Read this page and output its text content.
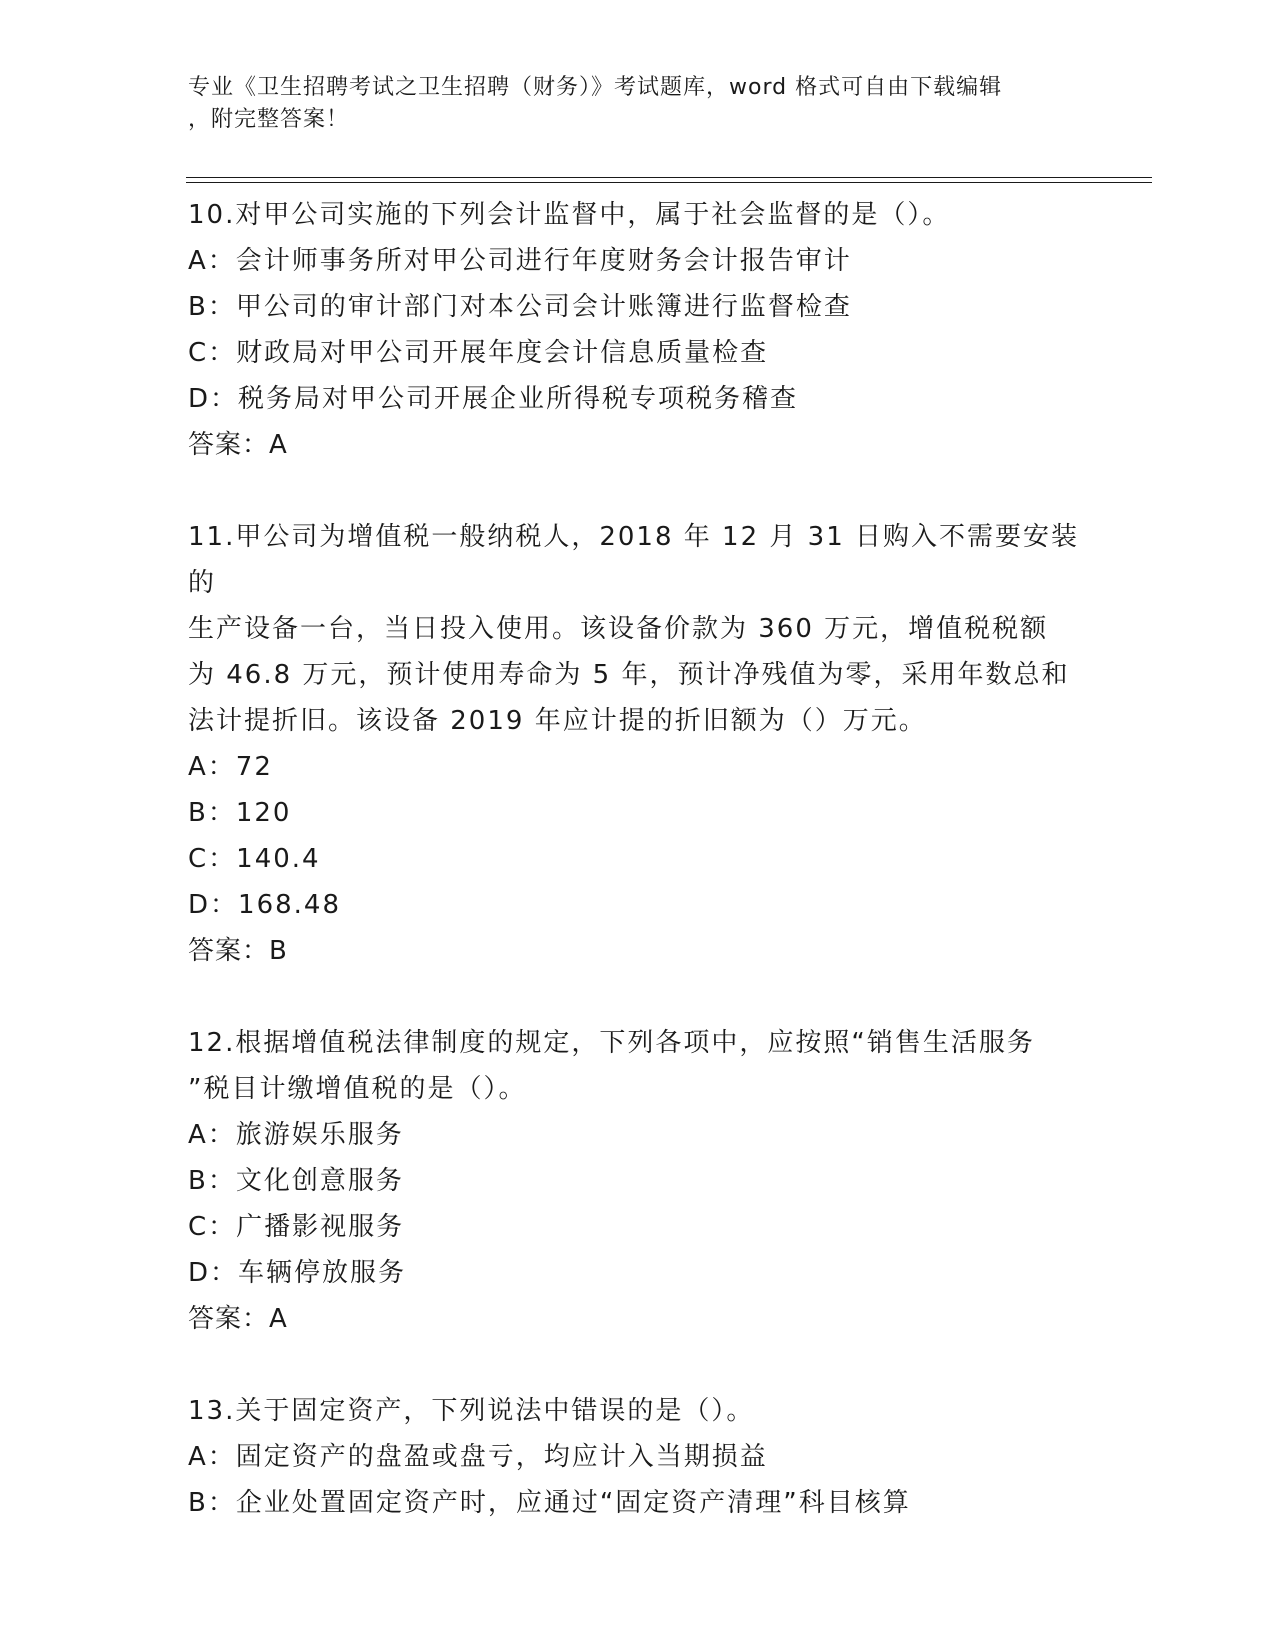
专业《卫生招聘考试之卫生招聘（财务）》考试题库，word 格式可自由下载编辑
，附完整答案！

10.对甲公司实施的下列会计监督中，属于社会监督的是（）。

A：会计师事务所对甲公司进行年度财务会计报告审计

B：甲公司的审计部门对本公司会计账簿进行监督检查

C：财政局对甲公司开展年度会计信息质量检查

D：税务局对甲公司开展企业所得税专项税务稽查

答案：A

11.甲公司为增值税一般纳税人，2018 年 12 月 31 日购入不需要安装的
生产设备一台，当日投入使用。该设备价款为 360 万元，增值税税额
为 46.8 万元，预计使用寿命为 5 年，预计净残值为零，采用年数总和
法计提折旧。该设备 2019 年应计提的折旧额为（）万元。

A：72

B：120

C：140.4

D：168.48

答案：B

12.根据增值税法律制度的规定，下列各项中，应按照“销售生活服务
”税目计缴增值税的是（）。

A：旅游娱乐服务

B：文化创意服务

C：广播影视服务

D：车辆停放服务

答案：A

13.关于固定资产，下列说法中错误的是（）。

A：固定资产的盘盈或盘亏，均应计入当期损益

B：企业处置固定资产时，应通过“固定资产清理”科目核算
